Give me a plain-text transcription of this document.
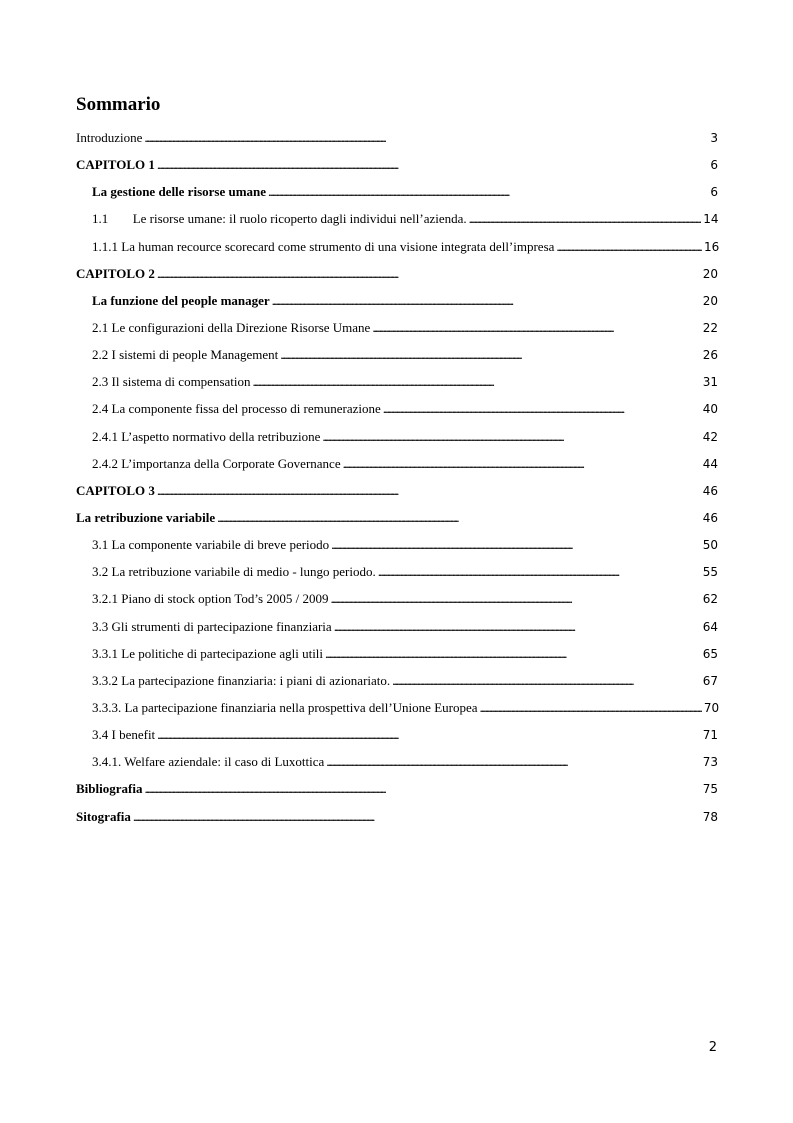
Sommario
Introduzione . . .	3
CAPITOLO 1 . . .	6
La gestione delle risorse umane . . .	6
1.1	Le risorse umane: il ruolo ricoperto dagli individui nell’azienda. . . .	14
1.1.1 La human recource scorecard come strumento di una visione integrata dell’impresa . . .	16
CAPITOLO 2 . . .	20
La funzione del people manager . . .	20
2.1 Le configurazioni della Direzione Risorse Umane . . .	22
2.2 I sistemi di people Management . . .	26
2.3 Il sistema di compensation . . .	31
2.4 La componente fissa del processo di remunerazione . . .	40
2.4.1 L’aspetto normativo della retribuzione . . .	42
2.4.2 L’importanza della Corporate Governance . . .	44
CAPITOLO 3 . . .	46
La retribuzione variabile . . .	46
3.1 La componente variabile di breve periodo . . .	50
3.2 La retribuzione variabile di medio - lungo periodo. . . .	55
3.2.1 Piano di stock option Tod’s 2005 / 2009 . . .	62
3.3 Gli strumenti di partecipazione finanziaria . . .	64
3.3.1 Le politiche di partecipazione agli utili . . .	65
3.3.2 La partecipazione finanziaria: i piani di azionariato. . . .	67
3.3.3. La partecipazione finanziaria nella prospettiva dell’Unione Europea . . .	70
3.4 I benefit . . .	71
3.4.1. Welfare aziendale: il caso di Luxottica . . .	73
Bibliografia . . .	75
Sitografia . . .	78
2
